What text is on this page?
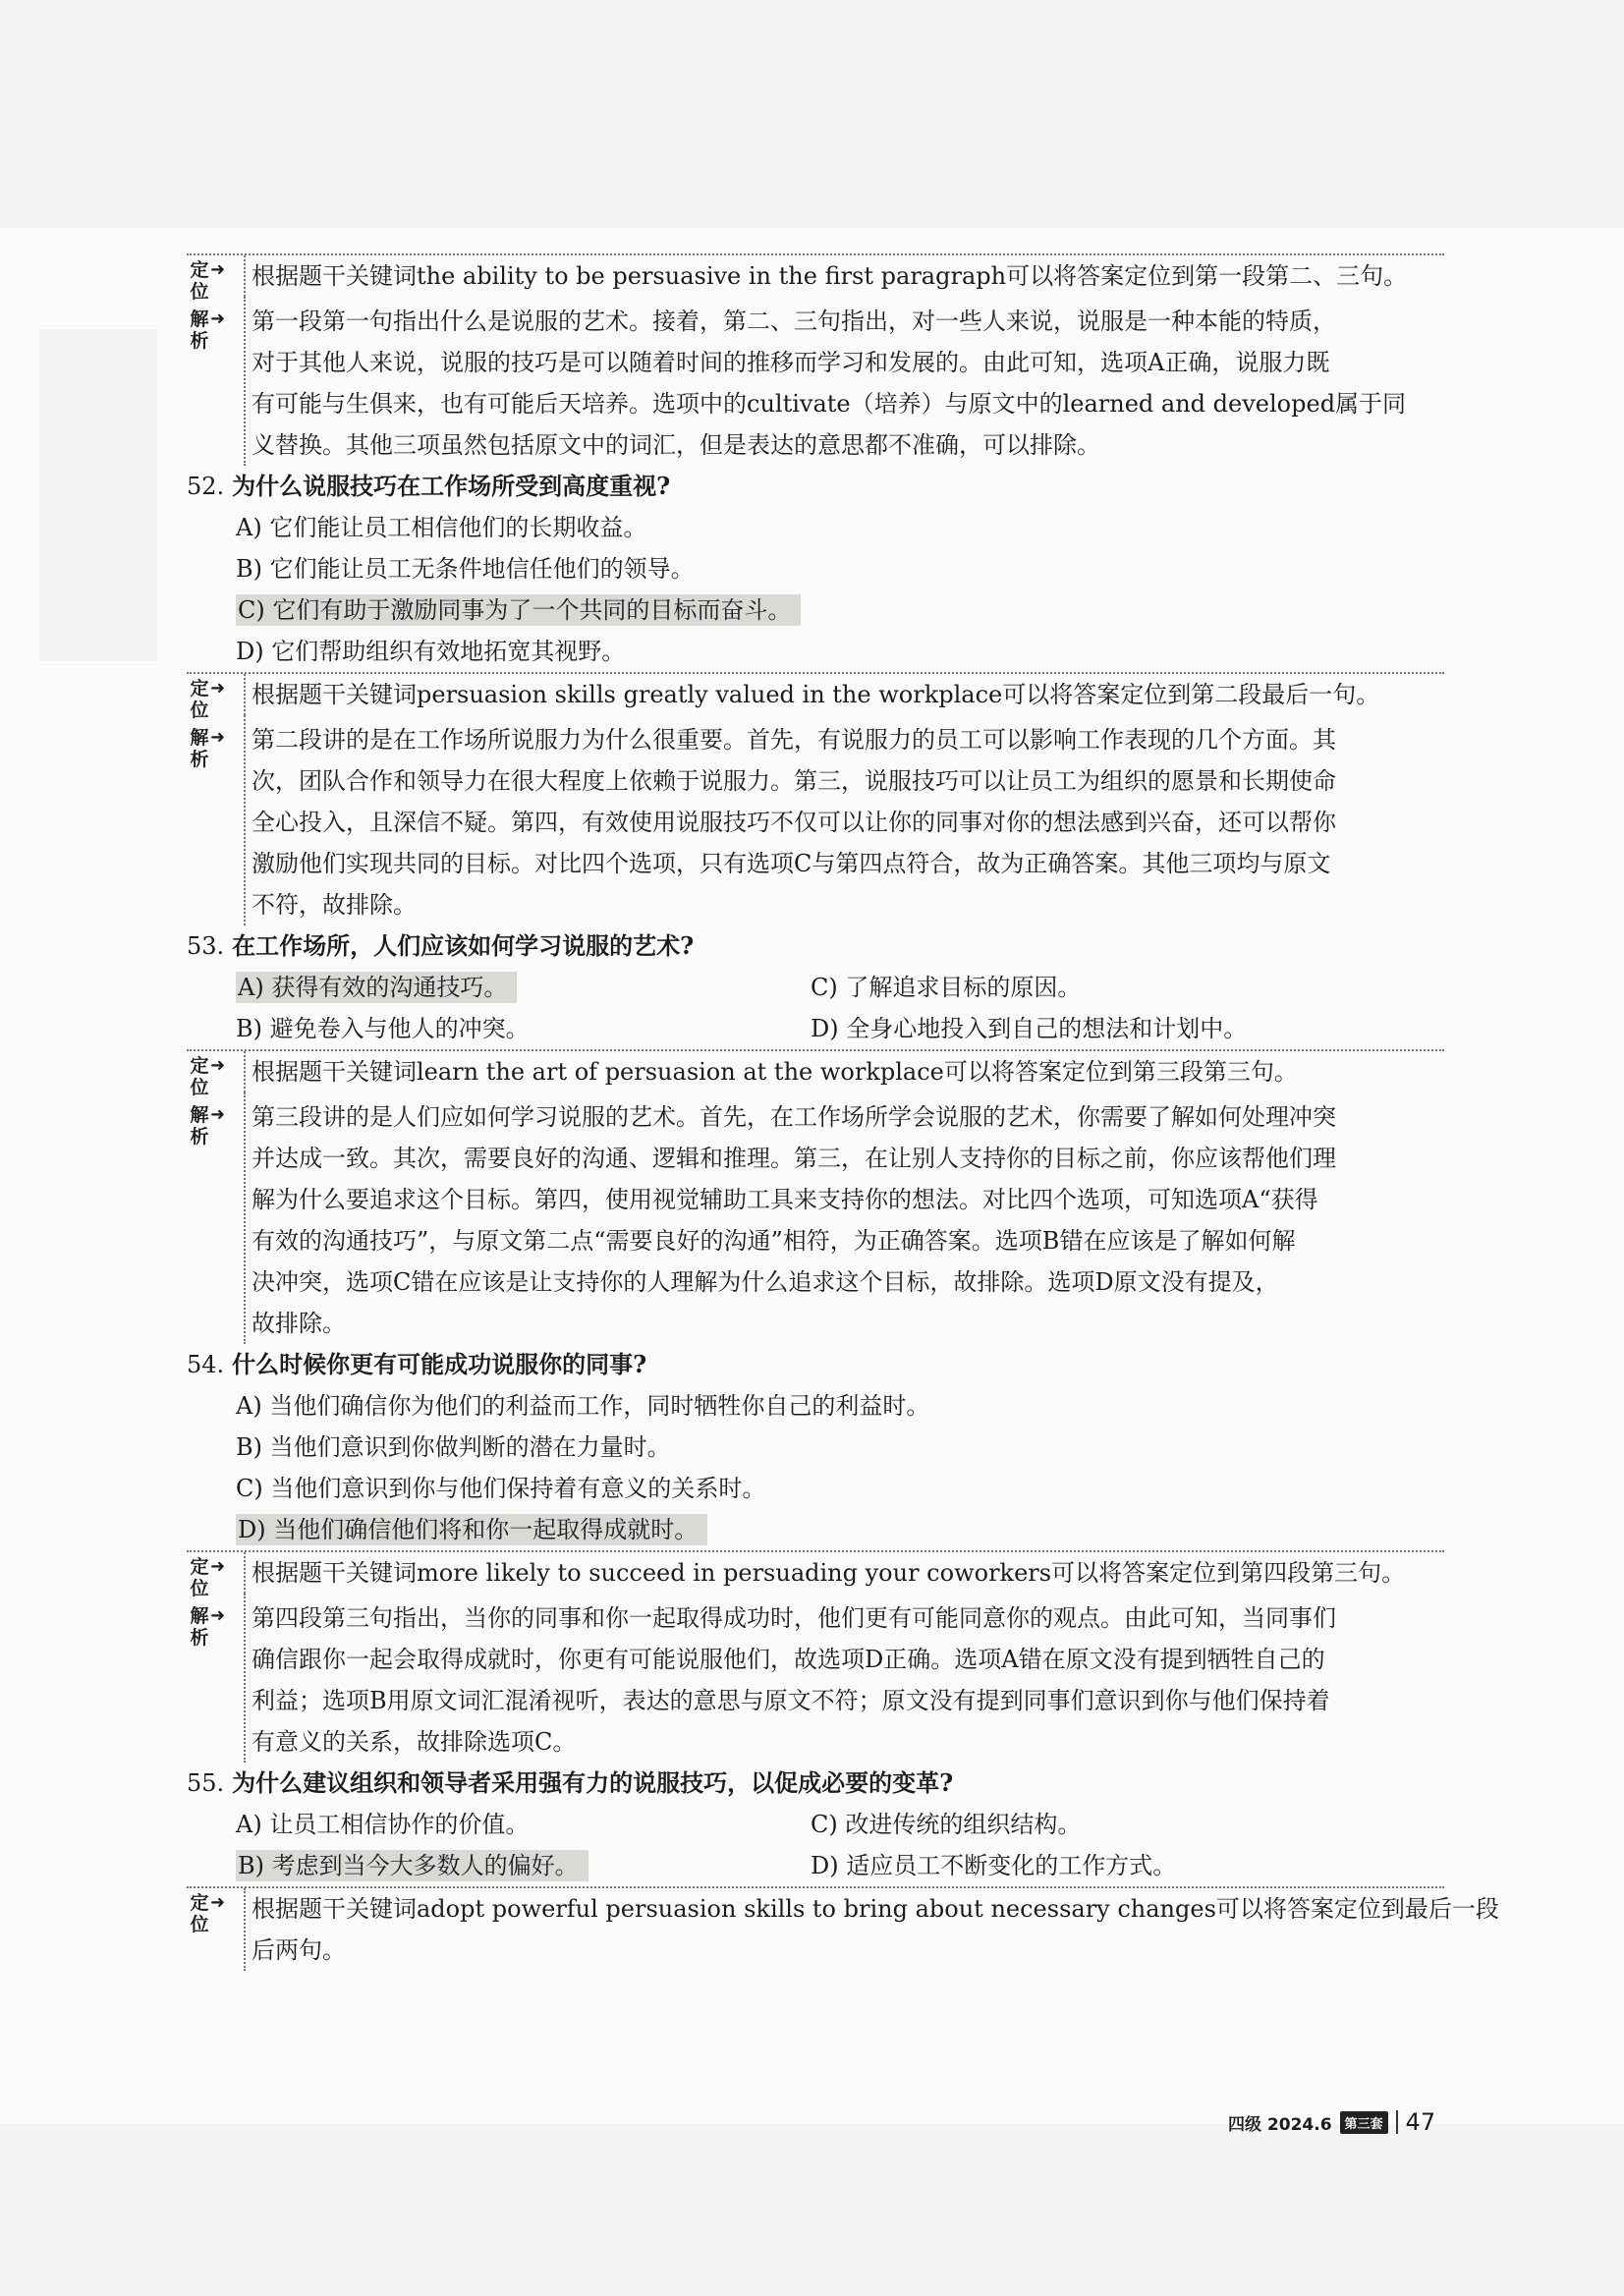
定位
➜ 根据题干关键词the ability to be persuasive in the first paragraph可以将答案定位到第一段第二、三句。
解析
➜ 第一段第一句指出什么是说服的艺术。接着，第二、三句指出，对一些人来说，说服是一种本能的特质，
对于其他人来说，说服的技巧是可以随着时间的推移而学习和发展的。由此可知，选项A正确，说服力既
有可能与生俱来，也有可能后天培养。选项中的cultivate（培养）与原文中的learned and developed属于同
义替换。其他三项虽然包括原文中的词汇，但是表达的意思都不准确，可以排除。
52. 为什么说服技巧在工作场所受到高度重视?
A) 它们能让员工相信他们的长期收益。
B) 它们能让员工无条件地信任他们的领导。
C) 它们有助于激励同事为了一个共同的目标而奋斗。
D) 它们帮助组织有效地拓宽其视野。
定位
➜ 根据题干关键词persuasion skills greatly valued in the workplace可以将答案定位到第二段最后一句。
解析
➜ 第二段讲的是在工作场所说服力为什么很重要。首先，有说服力的员工可以影响工作表现的几个方面。其
次，团队合作和领导力在很大程度上依赖于说服力。第三，说服技巧可以让员工为组织的愿景和长期使命
全心投入，且深信不疑。第四，有效使用说服技巧不仅可以让你的同事对你的想法感到兴奋，还可以帮你
激励他们实现共同的目标。对比四个选项，只有选项C与第四点符合，故为正确答案。其他三项均与原文
不符，故排除。
53. 在工作场所，人们应该如何学习说服的艺术?
A) 获得有效的沟通技巧。	C) 了解追求目标的原因。
B) 避免卷入与他人的冲突。	D) 全身心地投入到自己的想法和计划中。
定位
➜ 根据题干关键词learn the art of persuasion at the workplace可以将答案定位到第三段第三句。
解析
➜ 第三段讲的是人们应如何学习说服的艺术。首先，在工作场所学会说服的艺术，你需要了解如何处理冲突
并达成一致。其次，需要良好的沟通、逻辑和推理。第三，在让别人支持你的目标之前，你应该帮他们理
解为什么要追求这个目标。第四，使用视觉辅助工具来支持你的想法。对比四个选项，可知选项A“获得
有效的沟通技巧”，与原文第二点“需要良好的沟通”相符，为正确答案。选项B错在应该是了解如何解
决冲突，选项C错在应该是让支持你的人理解为什么追求这个目标，故排除。选项D原文没有提及，
故排除。
54. 什么时候你更有可能成功说服你的同事?
A) 当他们确信你为他们的利益而工作，同时牺牲你自己的利益时。
B) 当他们意识到你做判断的潜在力量时。
C) 当他们意识到你与他们保持着有意义的关系时。
D) 当他们确信他们将和你一起取得成就时。
定位
➜ 根据题干关键词more likely to succeed in persuading your coworkers可以将答案定位到第四段第三句。
解析
➜ 第四段第三句指出，当你的同事和你一起取得成功时，他们更有可能同意你的观点。由此可知，当同事们
确信跟你一起会取得成就时，你更有可能说服他们，故选项D正确。选项A错在原文没有提到牺牲自己的
利益；选项B用原文词汇混淆视听，表达的意思与原文不符；原文没有提到同事们意识到你与他们保持着
有意义的关系，故排除选项C。
55. 为什么建议组织和领导者采用强有力的说服技巧，以促成必要的变革?
A) 让员工相信协作的价值。	C) 改进传统的组织结构。
B) 考虑到当今大多数人的偏好。	D) 适应员工不断变化的工作方式。
定位
➜ 根据题干关键词adopt powerful persuasion skills to bring about necessary changes可以将答案定位到最后一段
后两句。
四级 2024.6	第三套 47
